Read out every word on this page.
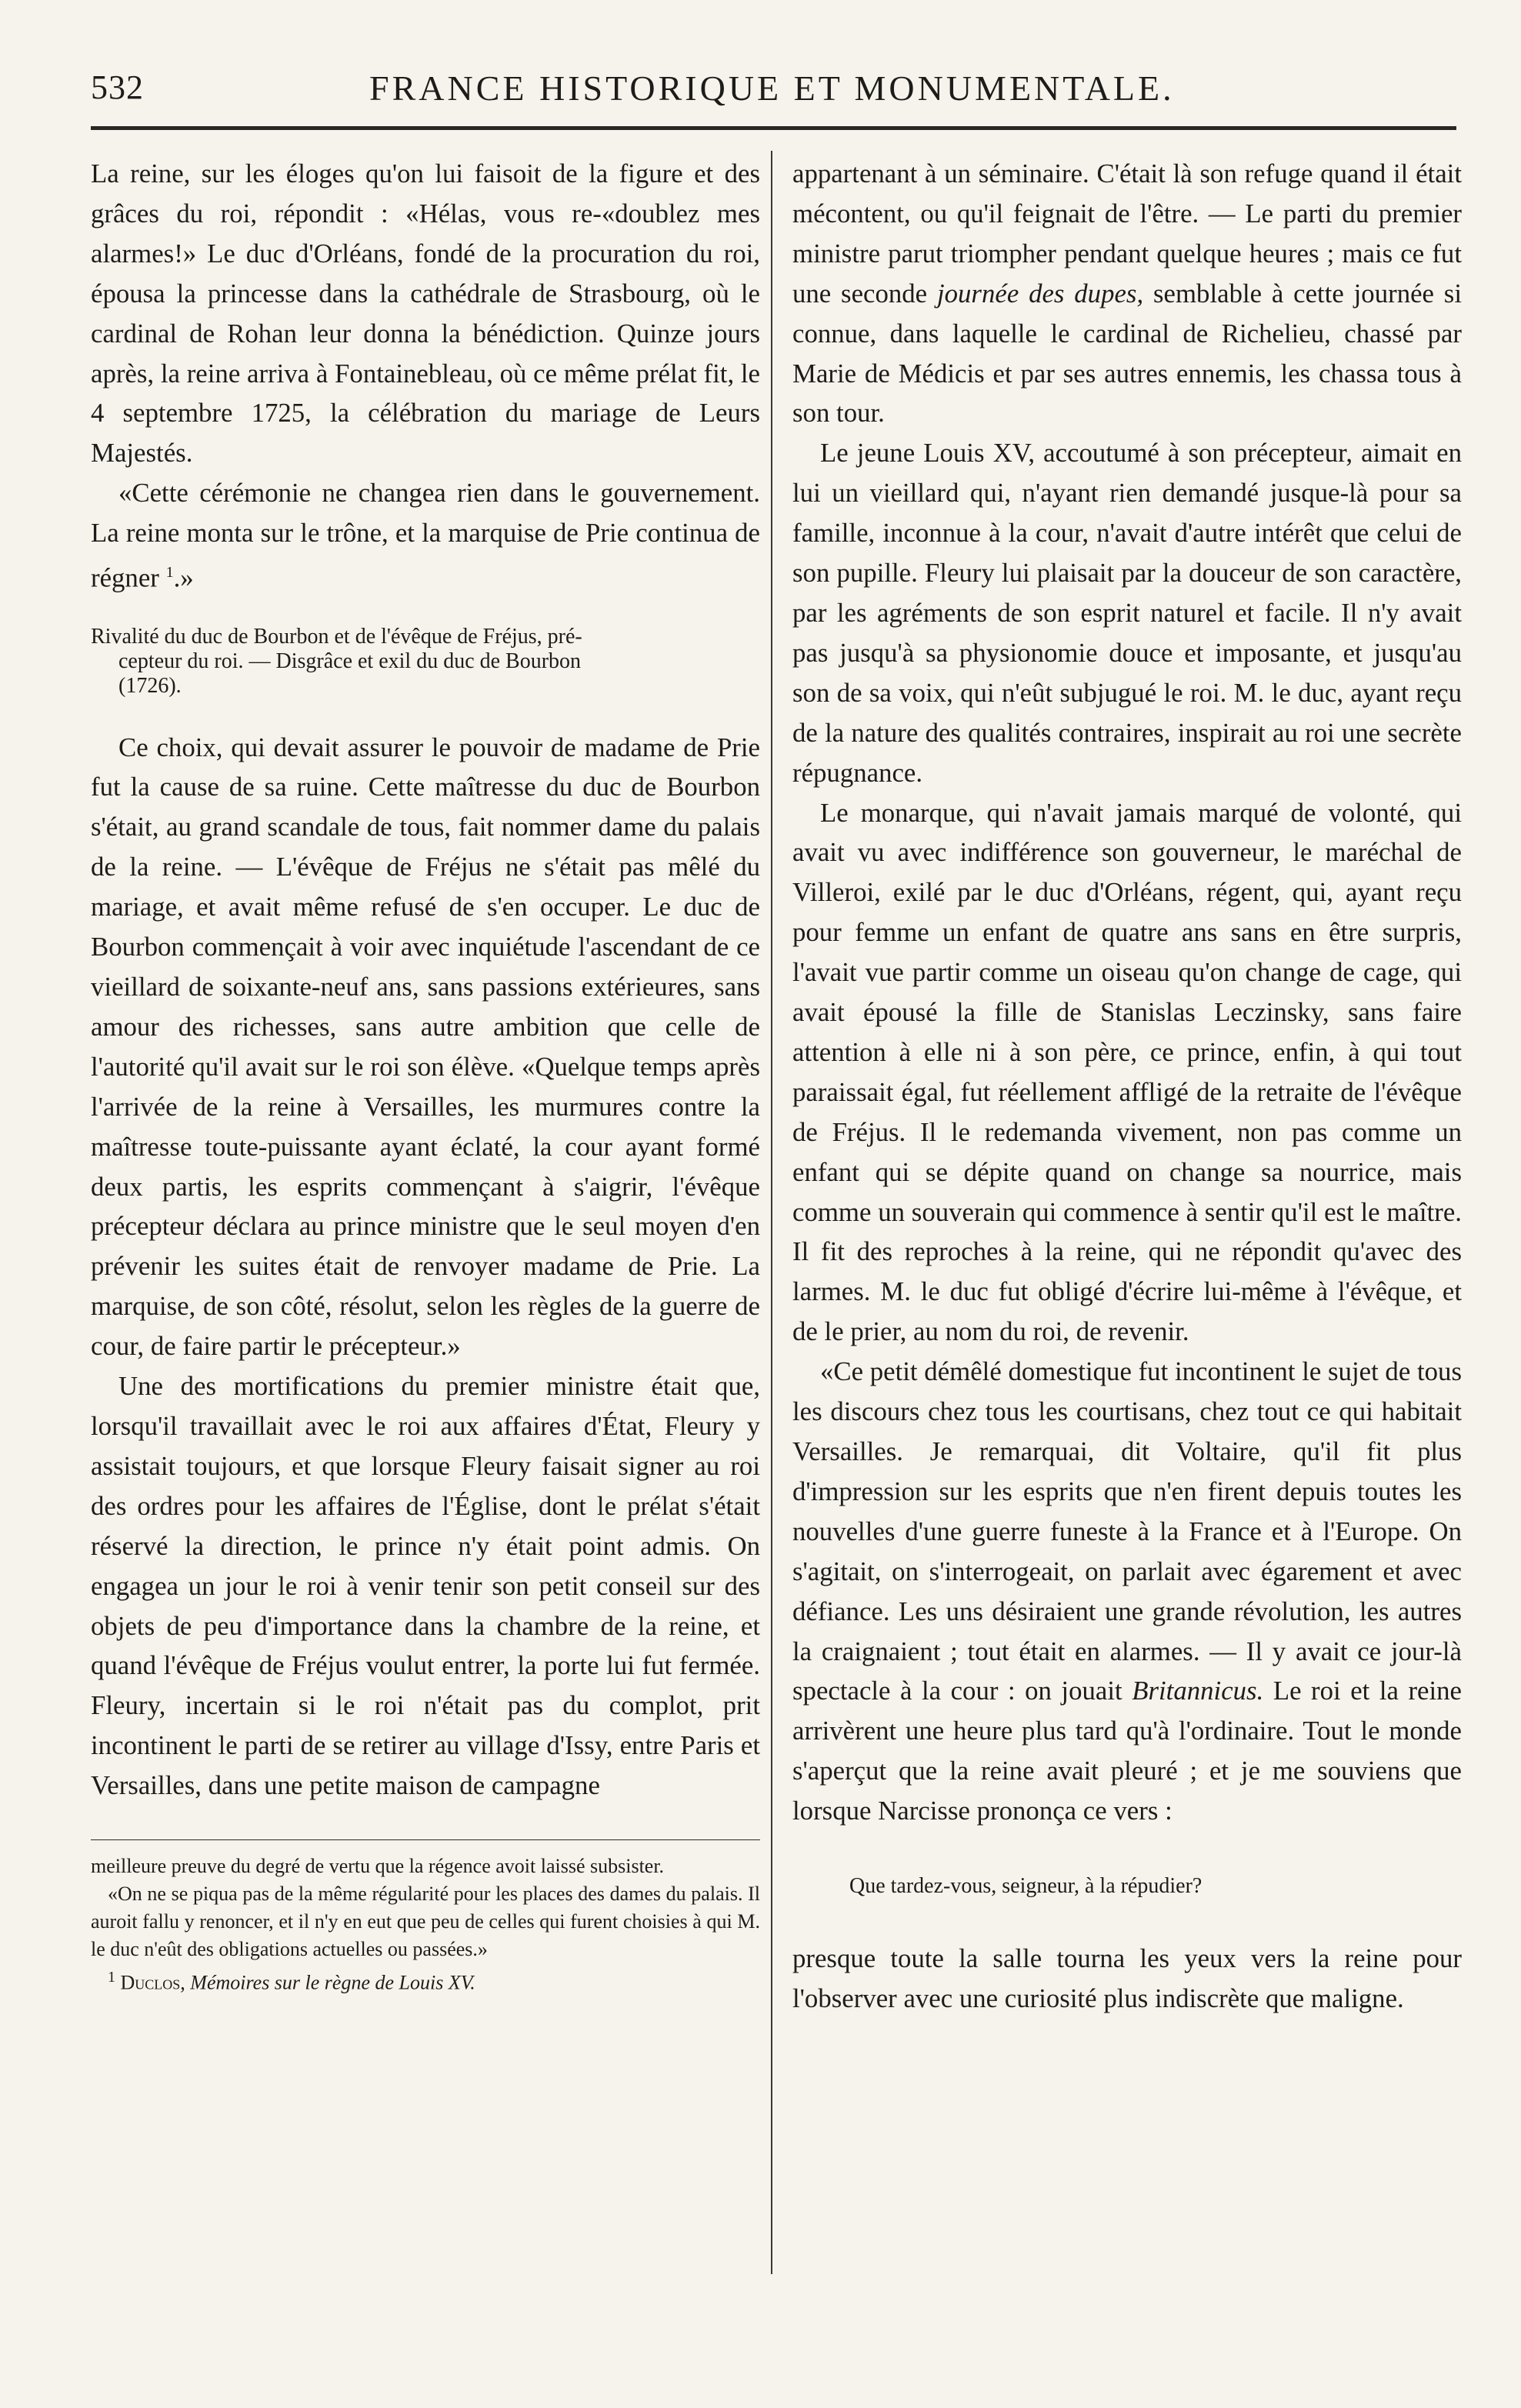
532	FRANCE HISTORIQUE ET MONUMENTALE.

La reine, sur les éloges qu'on lui faisoit de la figure et des grâces du roi, répondit : «Hélas, vous re-«doublez mes alarmes!» Le duc d'Orléans, fondé de la procuration du roi, épousa la princesse dans la cathédrale de Strasbourg, où le cardinal de Rohan leur donna la bénédiction. Quinze jours après, la reine arriva à Fontainebleau, où ce même prélat fit, le 4 septembre 1725, la célébration du mariage de Leurs Majestés.

«Cette cérémonie ne changea rien dans le gouvernement. La reine monta sur le trône, et la marquise de Prie continua de régner $^1$.»

Rivalité du duc de Bourbon et de l'évêque de Fréjus, pré-
cepteur du roi. — Disgrâce et exil du duc de Bourbon
(1726).

Ce choix, qui devait assurer le pouvoir de madame de Prie fut la cause de sa ruine. Cette maîtresse du duc de Bourbon s'était, au grand scandale de tous, fait nommer dame du palais de la reine. — L'évêque de Fréjus ne s'était pas mêlé du mariage, et avait même refusé de s'en occuper. Le duc de Bourbon commençait à voir avec inquiétude l'ascendant de ce vieillard de soixante-neuf ans, sans passions extérieures, sans amour des richesses, sans autre ambition que celle de l'autorité qu'il avait sur le roi son élève. «Quelque temps après l'arrivée de la reine à Versailles, les murmures contre la maîtresse toute-puissante ayant éclaté, la cour ayant formé deux partis, les esprits commençant à s'aigrir, l'évêque précepteur déclara au prince ministre que le seul moyen d'en prévenir les suites était de renvoyer madame de Prie. La marquise, de son côté, résolut, selon les règles de la guerre de cour, de faire partir le précepteur.»

Une des mortifications du premier ministre était que, lorsqu'il travaillait avec le roi aux affaires d'État, Fleury y assistait toujours, et que lorsque Fleury faisait signer au roi des ordres pour les affaires de l'Église, dont le prélat s'était réservé la direction, le prince n'y était point admis. On engagea un jour le roi à venir tenir son petit conseil sur des objets de peu d'importance dans la chambre de la reine, et quand l'évêque de Fréjus voulut entrer, la porte lui fut fermée. Fleury, incertain si le roi n'était pas du complot, prit incontinent le parti de se retirer au village d'Issy, entre Paris et Versailles, dans une petite maison de campagne

meilleure preuve du degré de vertu que la régence avoit laissé subsister.

«On ne se piqua pas de la même régularité pour les places des dames du palais. Il auroit fallu y renoncer, et il n'y en eut que peu de celles qui furent choisies à qui M. le duc n'eût des obligations actuelles ou passées.»

$^1$ Duclos, Mémoires sur le règne de Louis XV.

appartenant à un séminaire. C'était là son refuge quand il était mécontent, ou qu'il feignait de l'être. — Le parti du premier ministre parut triompher pendant quelque heures ; mais ce fut une seconde journée des dupes, semblable à cette journée si connue, dans laquelle le cardinal de Richelieu, chassé par Marie de Médicis et par ses autres ennemis, les chassa tous à son tour.

Le jeune Louis XV, accoutumé à son précepteur, aimait en lui un vieillard qui, n'ayant rien demandé jusque-là pour sa famille, inconnue à la cour, n'avait d'autre intérêt que celui de son pupille. Fleury lui plaisait par la douceur de son caractère, par les agréments de son esprit naturel et facile. Il n'y avait pas jusqu'à sa physionomie douce et imposante, et jusqu'au son de sa voix, qui n'eût subjugué le roi. M. le duc, ayant reçu de la nature des qualités contraires, inspirait au roi une secrète répugnance.

Le monarque, qui n'avait jamais marqué de volonté, qui avait vu avec indifférence son gouverneur, le maréchal de Villeroi, exilé par le duc d'Orléans, régent, qui, ayant reçu pour femme un enfant de quatre ans sans en être surpris, l'avait vue partir comme un oiseau qu'on change de cage, qui avait épousé la fille de Stanislas Leczinsky, sans faire attention à elle ni à son père, ce prince, enfin, à qui tout paraissait égal, fut réellement affligé de la retraite de l'évêque de Fréjus. Il le redemanda vivement, non pas comme un enfant qui se dépite quand on change sa nourrice, mais comme un souverain qui commence à sentir qu'il est le maître. Il fit des reproches à la reine, qui ne répondit qu'avec des larmes. M. le duc fut obligé d'écrire lui-même à l'évêque, et de le prier, au nom du roi, de revenir.

«Ce petit démêlé domestique fut incontinent le sujet de tous les discours chez tous les courtisans, chez tout ce qui habitait Versailles. Je remarquai, dit Voltaire, qu'il fit plus d'impression sur les esprits que n'en firent depuis toutes les nouvelles d'une guerre funeste à la France et à l'Europe. On s'agitait, on s'interrogeait, on parlait avec égarement et avec défiance. Les uns désiraient une grande révolution, les autres la craignaient ; tout était en alarmes. — Il y avait ce jour-là spectacle à la cour : on jouait Britannicus. Le roi et la reine arrivèrent une heure plus tard qu'à l'ordinaire. Tout le monde s'aperçut que la reine avait pleuré ; et je me souviens que lorsque Narcisse prononça ce vers :

Que tardez-vous, seigneur, à la répudier?

presque toute la salle tourna les yeux vers la reine pour l'observer avec une curiosité plus indiscrète que maligne.
